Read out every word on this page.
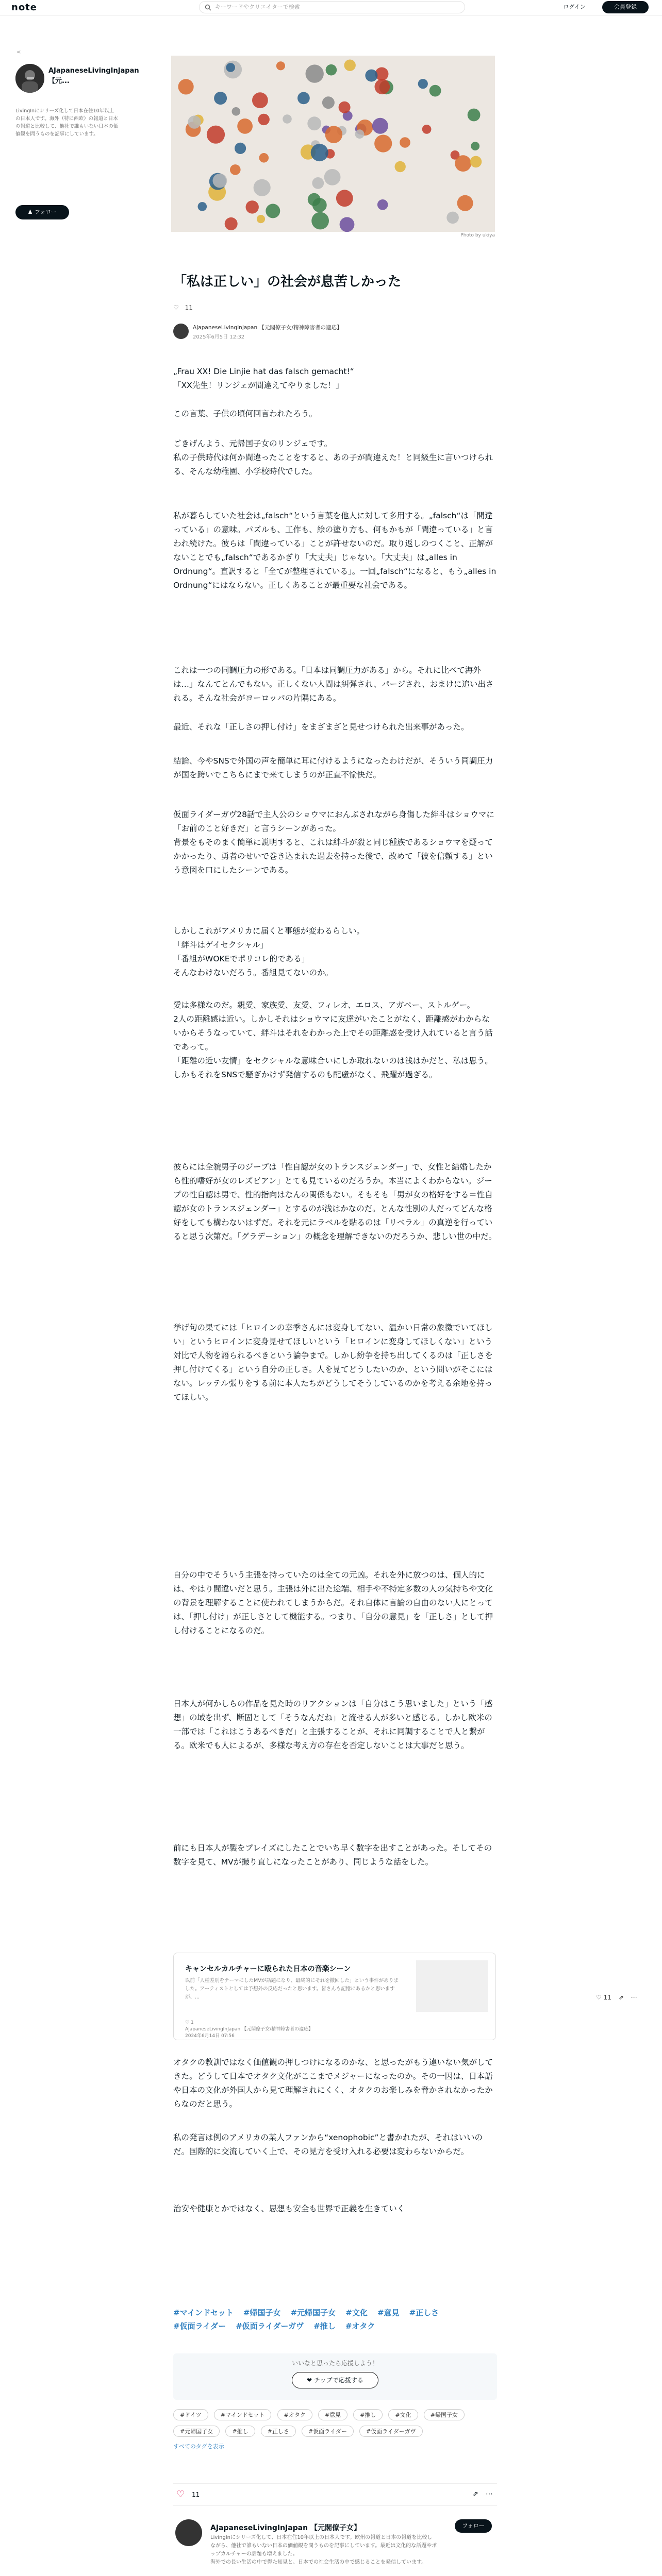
note	キーワードやクリエイターで検索	ログイン	会員登録
<
AJapaneseLivingInJapan 【元...
LivingInにシリーズ化して日本在住10年以上の日本人です。海外（特に西欧）の報道と日本の報道と比較して、他社で誰もいない日本の価値観を問うものを記事にしています。
♟ フォロー
Photo by ukiya
「私は正しい」の社会が息苦しかった
♡ 11
AJapaneseLivingInJapan 【元閣僚子女/精神障害者の適応】
2025年6月5日 12:32
„Frau XX! Die Linjie hat das falsch gemacht!“
「XX先生！リンジェが間違えてやりました！」
この言葉、子供の頃何回言われたろう。
ごきげんよう、元帰国子女のリンジェです。
私の子供時代は何か間違ったことをすると、あの子が間違えた！と同級生に言いつけられる、そんな幼稚園、小学校時代でした。
私が暮らしていた社会は„falsch“という言葉を他人に対して多用する。„falsch“は「間違っている」の意味。パズルも、工作も、絵の塗り方も、何もかもが「間違っている」と言われ続けた。彼らは「間違っている」ことが許せないのだ。取り返しのつくこと、正解がないことでも„falsch“であるかぎり「大丈夫」じゃない。「大丈夫」は„alles in Ordnung“。直訳すると「全てが整理されている」。一回„falsch“になると、もう„alles in Ordnung“にはならない。正しくあることが最重要な社会である。
これは一つの同調圧力の形である。「日本は同調圧力がある」から。それに比べて海外は…」なんてとんでもない。正しくない人間は糾弾され、パージされ、おまけに追い出される。そんな社会がヨーロッパの片隅にある。
最近、それな「正しさの押し付け」をまざまざと見せつけられた出来事があった。
結論、今やSNSで外国の声を簡単に耳に付けるようになったわけだが、そういう同調圧力が国を跨いでこちらにまで来てしまうのが正直不愉快だ。
仮面ライダーガヴ28話で主人公のショウマにおんぶされながら身傷した絆斗はショウマに「お前のこと好きだ」と言うシーンがあった。
背景をもそのまく簡単に説明すると、これは絆斗が殺と同じ種族であるショウマを疑ってかかったり、勇者のせいで巻き込まれた過去を持った後で、改めて「彼を信頼する」という意図を口にしたシーンである。
しかしこれがアメリカに届くと事態が変わるらしい。
「絆斗はゲイセクシャル」
「番組がWOKEでポリコレ的である」
そんなわけないだろう。番組見てないのか。
愛は多様なのだ。親愛、家族愛、友愛、フィレオ、エロス、アガペー、ストルゲー。
2人の距離感は近い。しかしそれはショウマに友達がいたことがなく、距離感がわからないからそうなっていて、絆斗はそれをわかった上でその距離感を受け入れていると言う話であって。
「距離の近い友情」をセクシャルな意味合いにしか取れないのは浅はかだと、私は思う。しかもそれをSNSで騒ぎかけず発信するのも配慮がなく、飛躍が過ぎる。
彼らには全貌男子のジープは「性自認が女のトランスジェンダー」で、女性と結婚したから性的嗜好が女のレズビアン」とても見ているのだろうか。本当によくわからない。ジープの性自認は男で、性的指向はなんの関係もない。そもそも「男が女の格好をする＝性自認が女のトランスジェンダー」とするのが浅はかなのだ。とんな性別の人だってどんな格好をしても構わないはずだ。それを元にラベルを貼るのは「リベラル」の真逆を行っていると思う次第だ。「グラデーション」の概念を理解できないのだろうか、悲しい世の中だ。
挙げ句の果てには「ヒロインの幸季さんには変身してない、温かい日常の象徴でいてほしい」というヒロインに変身見せてほしいという「ヒロインに変身してほしくない」という対比で人物を語られるべきという論争まで。しかし紛争を持ち出してくるのは「正しさを押し付けてくる」という自分の正しさ。人を見てどうしたいのか、という問いがそこにはない。レッテル張りをする前に本人たちがどうしてそうしているのかを考える余地を持ってほしい。
自分の中でそういう主張を持っていたのは全ての元凶。それを外に放つのは、個人的には、やはり間違いだと思う。主張は外に出た途端、相手や不特定多数の人の気持ちや文化の背景を理解することに使われてしまうからだ。それ自体に言論の自由のない人にとっては、「押し付け」が正しさとして機能する。つまり、「自分の意見」を「正しさ」として押し付けることになるのだ。
日本人が何かしらの作品を見た時のリアクションは「自分はこう思いました」という「感想」の域を出ず、断固として「そうなんだね」と流せる人が多いと感じる。しかし欧米の一部では「これはこうあるべきだ」と主張することが、それに同調することで人と繋がる。欧米でも人によるが、多様な考え方の存在を否定しないことは大事だと思う。
前にも日本人が製をプレイズにしたことでいち早く数字を出すことがあった。そしてその数字を見て、MVが撮り直しになったことがあり、同じような話をした。
オタクの教訓ではなく価値観の押しつけになるのかな、と思ったがもう違いない気がしてきた。どうして日本でオタク文化がここまでメジャーになったのか。その一因は、日本語や日本の文化が外国人から見て理解されにくく、オタクのお楽しみを脅かされなかったからなのだと思う。
私の発言は例のアメリカの某人ファンから“xenophobic”と書かれたが、それはいいのだ。国際的に交流していく上で、その見方を受け入れる必要は変わらないからだ。
治安や健康とかではなく、思想も安全も世界で正義を生きていく
キャンセルカルチャーに殴られた日本の音楽シーン
以前「人種差別をテーマにしたMVが話題になり、最終的にそれを撤回した」という事件がありました。アーティストとしては予想外の反応だったと思います。皆さんも記憶にあるかと思いますが、...
♡ 1
AJapaneseLivingInJapan 【元閣僚子女/精神障害者の適応】
2024年6月14日 07:56
♡ 11 ⇗ ⋯
#マインドセット #帰国子女 #元帰国子女 #文化 #意見 #正しさ #仮面ライダー #仮面ライダーガヴ #推し #オタク
いいなと思ったら応援しよう！
❤ チップで応援する
#ドイツ	#マインドセット	#オタク	#意見	#推し	#文化	#帰国子女 #元帰国子女	#推し	#正しさ	#仮面ライダー	#仮面ライダーガヴ
すべてのタグを表示
♡ 11	⇗ ⋯
AJapaneseLivingInJapan 【元閣僚子女】
LivingInにシリーズ化して、日本在住10年以上の日本人です。欧州の報道と日本の報道を比較しながら、他社で誰もいない日本の価値観を問うものを記事にしています。最近は文化的な話題やポップカルチャーの話題も増えました。
海外での長い生活の中で得た知見と、日本での社会生活の中で感じることを発信しています。
フォロー
